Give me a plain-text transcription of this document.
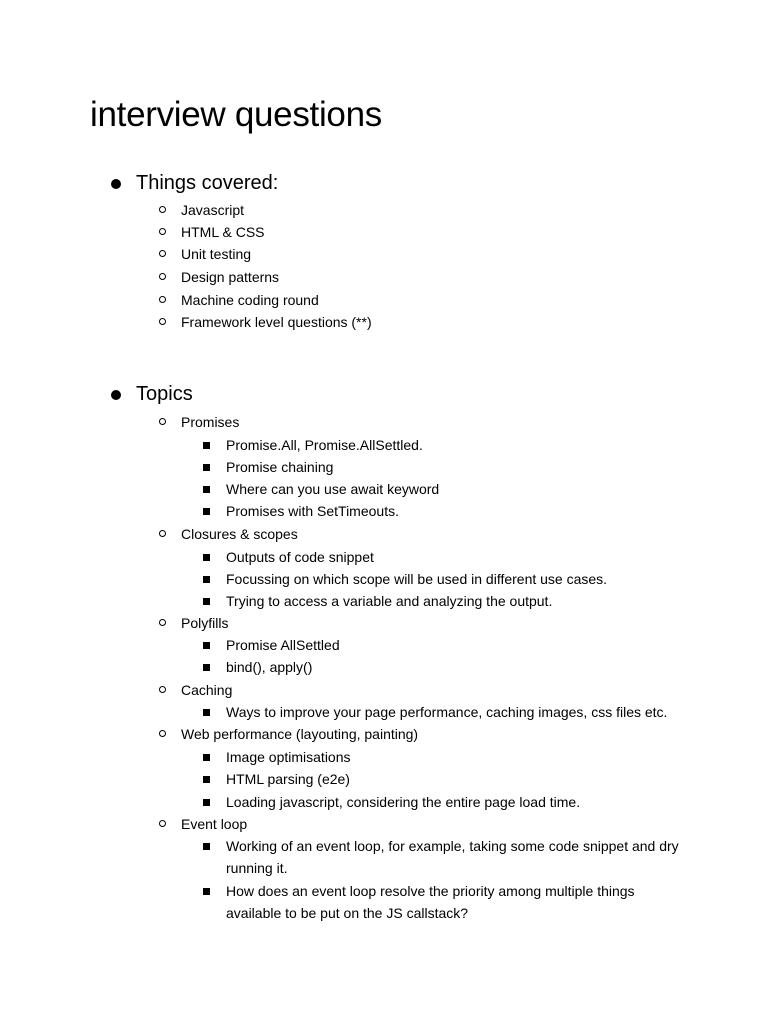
interview questions
Things covered:
Javascript
HTML & CSS
Unit testing
Design patterns
Machine coding round
Framework level questions (**)
Topics
Promises
Promise.All, Promise.AllSettled.
Promise chaining
Where can you use await keyword
Promises with SetTimeouts.
Closures & scopes
Outputs of code snippet
Focussing on which scope will be used in different use cases.
Trying to access a variable and analyzing the output.
Polyfills
Promise AllSettled
bind(), apply()
Caching
Ways to improve your page performance, caching images, css files etc.
Web performance (layouting, painting)
Image optimisations
HTML parsing (e2e)
Loading javascript, considering the entire page load time.
Event loop
Working of an event loop, for example, taking some code snippet and dry
running it.
How does an event loop resolve the priority among multiple things
available to be put on the JS callstack?
